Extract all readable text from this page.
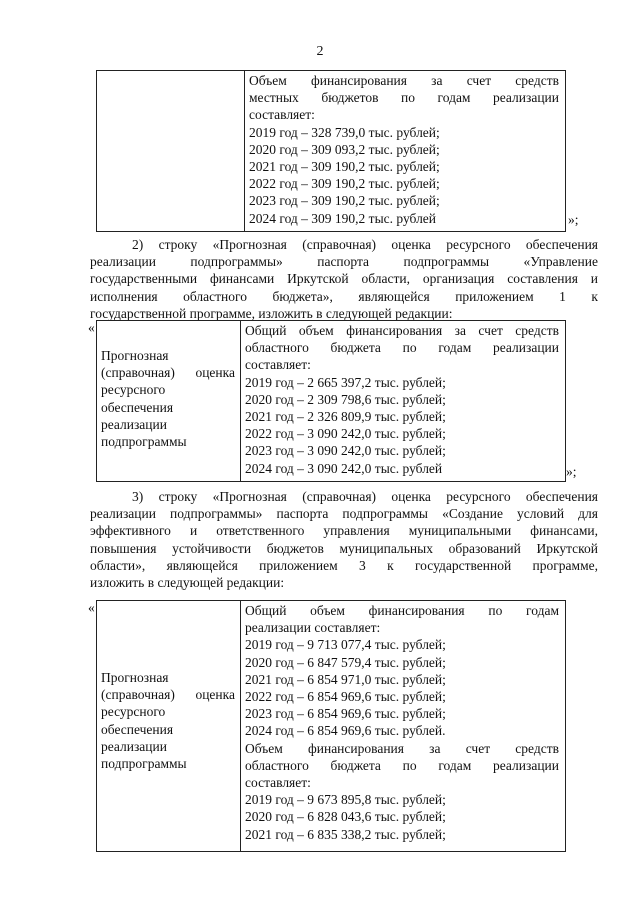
2
Объем финансирования за счет средств
местных бюджетов по годам реализации
составляет:
2019 год – 328 739,0 тыс. рублей;
2020 год – 309 093,2 тыс. рублей;
2021 год – 309 190,2 тыс. рублей;
2022 год – 309 190,2 тыс. рублей;
2023 год – 309 190,2 тыс. рублей;
2024 год – 309 190,2 тыс. рублей	»;
2) строку «Прогнозная (справочная) оценка ресурсного обеспечения
реализации подпрограммы» паспорта подпрограммы «Управление
государственными финансами Иркутской области, организация составления и
исполнения областного бюджета», являющейся приложением 1 к
государственной программе, изложить в следующей редакции:
«
Прогнозная
(справочная) оценка
ресурсного
обеспечения
реализации
подпрограммы
Общий объем финансирования за счет средств
областного бюджета по годам реализации
составляет:
2019 год – 2 665 397,2 тыс. рублей;
2020 год – 2 309 798,6 тыс. рублей;
2021 год – 2 326 809,9 тыс. рублей;
2022 год – 3 090 242,0 тыс. рублей;
2023 год – 3 090 242,0 тыс. рублей;
2024 год – 3 090 242,0 тыс. рублей	»;
3) строку «Прогнозная (справочная) оценка ресурсного обеспечения
реализации подпрограммы» паспорта подпрограммы «Создание условий для
эффективного и ответственного управления муниципальными финансами,
повышения устойчивости бюджетов муниципальных образований Иркутской
области», являющейся приложением 3 к государственной программе,
изложить в следующей редакции:
«
Прогнозная
(справочная) оценка
ресурсного
обеспечения
реализации
подпрограммы
Общий объем финансирования по годам
реализации составляет:
2019 год – 9 713 077,4 тыс. рублей;
2020 год – 6 847 579,4 тыс. рублей;
2021 год – 6 854 971,0 тыс. рублей;
2022 год – 6 854 969,6 тыс. рублей;
2023 год – 6 854 969,6 тыс. рублей;
2024 год – 6 854 969,6 тыс. рублей.
Объем финансирования за счет средств
областного бюджета по годам реализации
составляет:
2019 год – 9 673 895,8 тыс. рублей;
2020 год – 6 828 043,6 тыс. рублей;
2021 год – 6 835 338,2 тыс. рублей;
